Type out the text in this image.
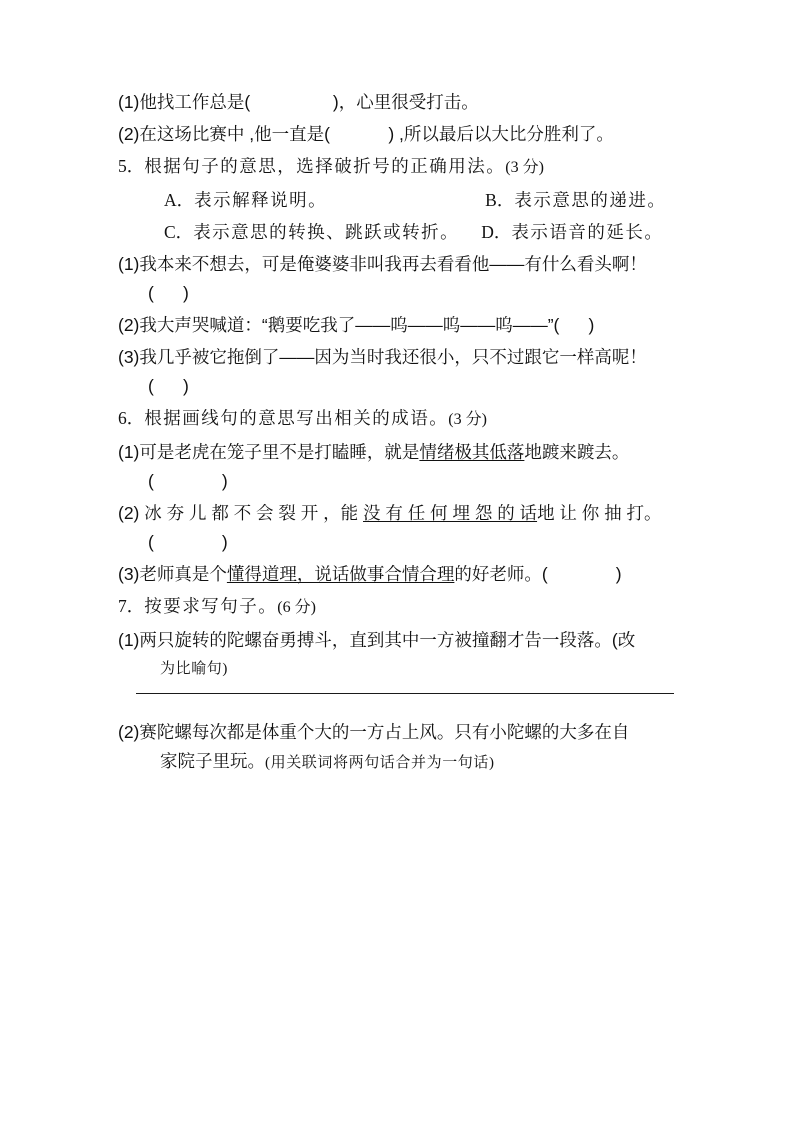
(1)他找工作总是(	)，心里很受打击。
(2)在这场比赛中 ,他一直是(	) ,所以最后以大比分胜利了。
5．根据句子的意思，选择破折号的正确用法。(3 分)
A．表示解释说明。	B．表示意思的递进。
C．表示意思的转换、跳跃或转折。 D．表示语音的延长。
(1)我本来不想去，可是俺婆婆非叫我再去看看他——有什么看头啊！
(      )
(2)我大声哭喊道：“鹅要吃我了——呜——呜——呜——”(      )
(3)我几乎被它拖倒了——因为当时我还很小，只不过跟它一样高呢！
(      )
6．根据画线句的意思写出相关的成语。(3 分)
(1)可是老虎在笼子里不是打瞌睡，就是情绪极其低落地踱来踱去。
(              )
(2) 冰 夯 儿 都 不 会 裂 开 ，能 没 有 任 何 埋 怨 的 话地 让 你 抽 打。
(              )
(3)老师真是个懂得道理，说话做事合情合理的好老师。(              )
7．按要求写句子。(6 分)
(1)两只旋转的陀螺奋勇搏斗，直到其中一方被撞翻才告一段落。(改
为比喻句)
(2)赛陀螺每次都是体重个大的一方占上风。只有小陀螺的大多在自
家院子里玩。(用关联词将两句话合并为一句话)
